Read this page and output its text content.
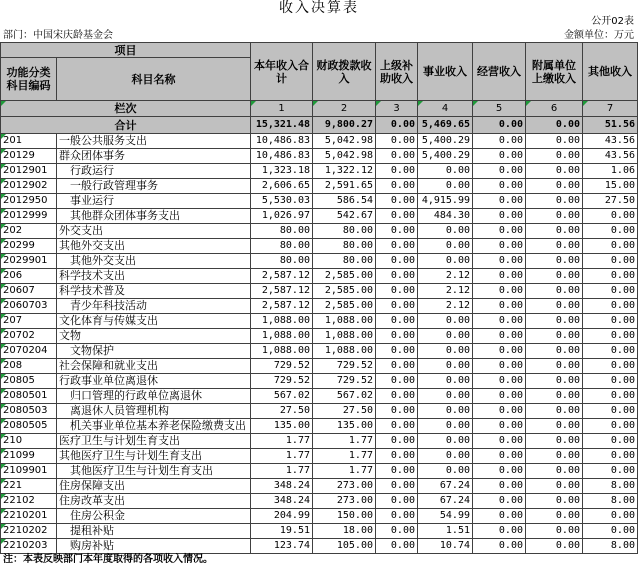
收入决算表
公开02表
部门：中国宋庆龄基金会	金额单位：万元
项目		本年收入合计	财政拨款收入	上级补助收入	事业收入	经营收入	附属单位上缴收入	其他收入
功能分类科目编码	科目名称							
栏次		1	2	3	4	5	6	7
合计		15,321.48	9,800.27	0.00	5,469.65	0.00	0.00	51.56
201	一般公共服务支出	10,486.83	5,042.98	0.00	5,400.29	0.00	0.00	43.56
20129	群众团体事务	10,486.83	5,042.98	0.00	5,400.29	0.00	0.00	43.56
2012901	行政运行	1,323.18	1,322.12	0.00	0.00	0.00	0.00	1.06
2012902	一般行政管理事务	2,606.65	2,591.65	0.00	0.00	0.00	0.00	15.00
2012950	事业运行	5,530.03	586.54	0.00	4,915.99	0.00	0.00	27.50
2012999	其他群众团体事务支出	1,026.97	542.67	0.00	484.30	0.00	0.00	0.00
202	外交支出	80.00	80.00	0.00	0.00	0.00	0.00	0.00
20299	其他外交支出	80.00	80.00	0.00	0.00	0.00	0.00	0.00
2029901	其他外交支出	80.00	80.00	0.00	0.00	0.00	0.00	0.00
206	科学技术支出	2,587.12	2,585.00	0.00	2.12	0.00	0.00	0.00
20607	科学技术普及	2,587.12	2,585.00	0.00	2.12	0.00	0.00	0.00
2060703	青少年科技活动	2,587.12	2,585.00	0.00	2.12	0.00	0.00	0.00
207	文化体育与传媒支出	1,088.00	1,088.00	0.00	0.00	0.00	0.00	0.00
20702	文物	1,088.00	1,088.00	0.00	0.00	0.00	0.00	0.00
2070204	文物保护	1,088.00	1,088.00	0.00	0.00	0.00	0.00	0.00
208	社会保障和就业支出	729.52	729.52	0.00	0.00	0.00	0.00	0.00
20805	行政事业单位离退休	729.52	729.52	0.00	0.00	0.00	0.00	0.00
2080501	归口管理的行政单位离退休	567.02	567.02	0.00	0.00	0.00	0.00	0.00
2080503	离退休人员管理机构	27.50	27.50	0.00	0.00	0.00	0.00	0.00
2080505	机关事业单位基本养老保险缴费支出	135.00	135.00	0.00	0.00	0.00	0.00	0.00
210	医疗卫生与计划生育支出	1.77	1.77	0.00	0.00	0.00	0.00	0.00
21099	其他医疗卫生与计划生育支出	1.77	1.77	0.00	0.00	0.00	0.00	0.00
2109901	其他医疗卫生与计划生育支出	1.77	1.77	0.00	0.00	0.00	0.00	0.00
221	住房保障支出	348.24	273.00	0.00	67.24	0.00	0.00	8.00
22102	住房改革支出	348.24	273.00	0.00	67.24	0.00	0.00	8.00
2210201	住房公积金	204.99	150.00	0.00	54.99	0.00	0.00	0.00
2210202	提租补贴	19.51	18.00	0.00	1.51	0.00	0.00	0.00
2210203	购房补贴	123.74	105.00	0.00	10.74	0.00	0.00	8.00
注：本表反映部门本年度取得的各项收入情况。
